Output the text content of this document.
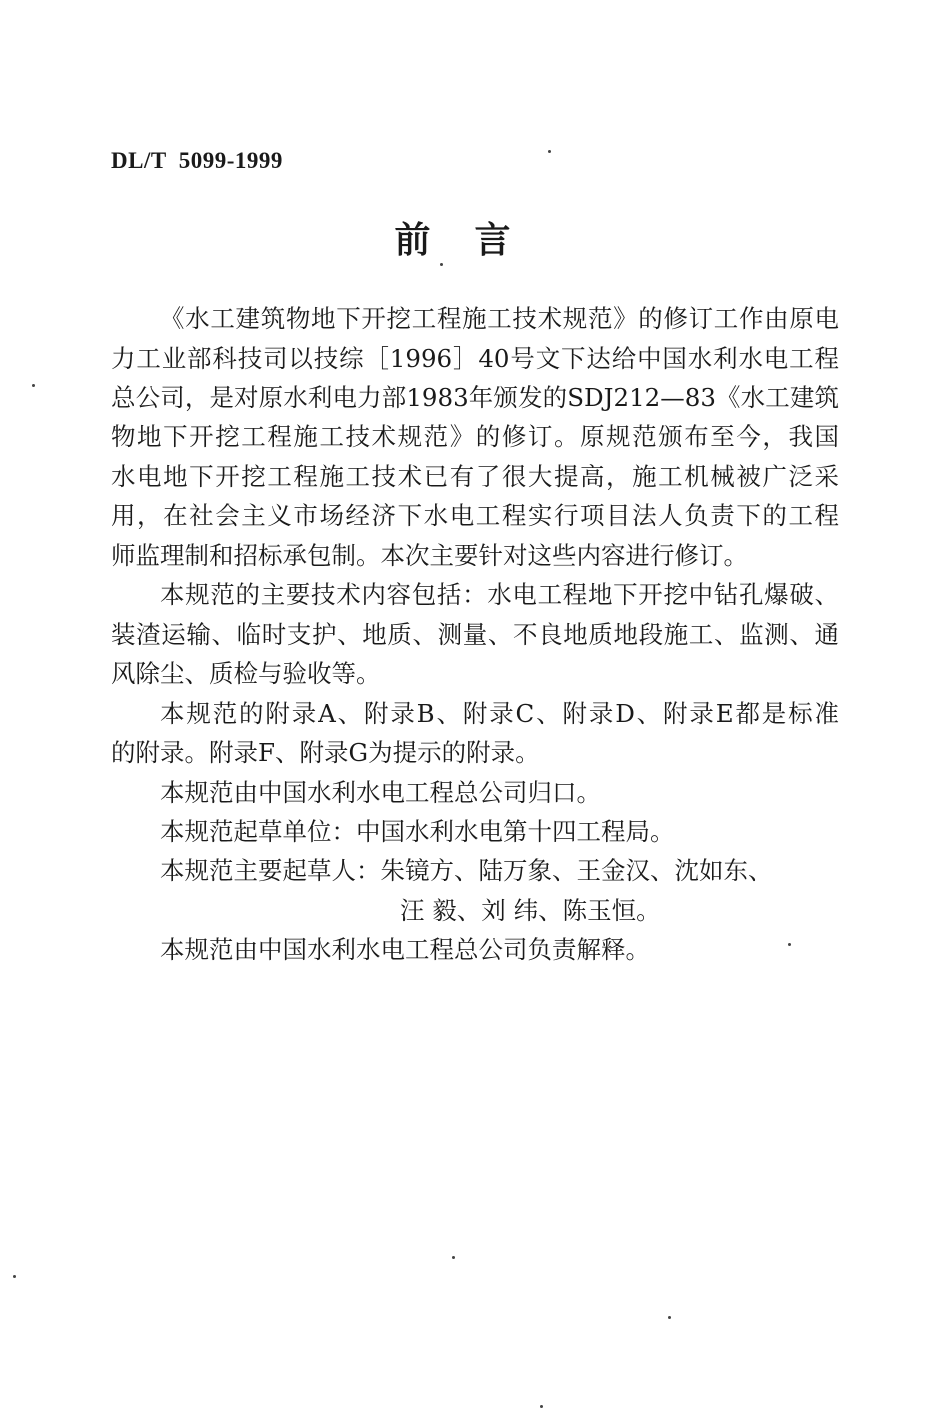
DL/T  5099-1999
前言
《水工建筑物地下开挖工程施工技术规范》的修订工作由原电
力工业部科技司以技综［1996］40号文下达给中国水利水电工程
总公司，是对原水利电力部1983年颁发的SDJ212—83《水工建筑
物地下开挖工程施工技术规范》的修订。原规范颁布至今，我国
水电地下开挖工程施工技术已有了很大提高，施工机械被广泛采
用，在社会主义市场经济下水电工程实行项目法人负责下的工程
师监理制和招标承包制。本次主要针对这些内容进行修订。
本规范的主要技术内容包括：水电工程地下开挖中钻孔爆破、
装渣运输、临时支护、地质、测量、不良地质地段施工、监测、通
风除尘、质检与验收等。
本规范的附录A、附录B、附录C、附录D、附录E都是标准
的附录。附录F、附录G为提示的附录。
本规范由中国水利水电工程总公司归口。
本规范起草单位：中国水利水电第十四工程局。
本规范主要起草人：朱镜方、陆万象、王金汉、沈如东、
汪 毅、刘 纬、陈玉恒。
本规范由中国水利水电工程总公司负责解释。
